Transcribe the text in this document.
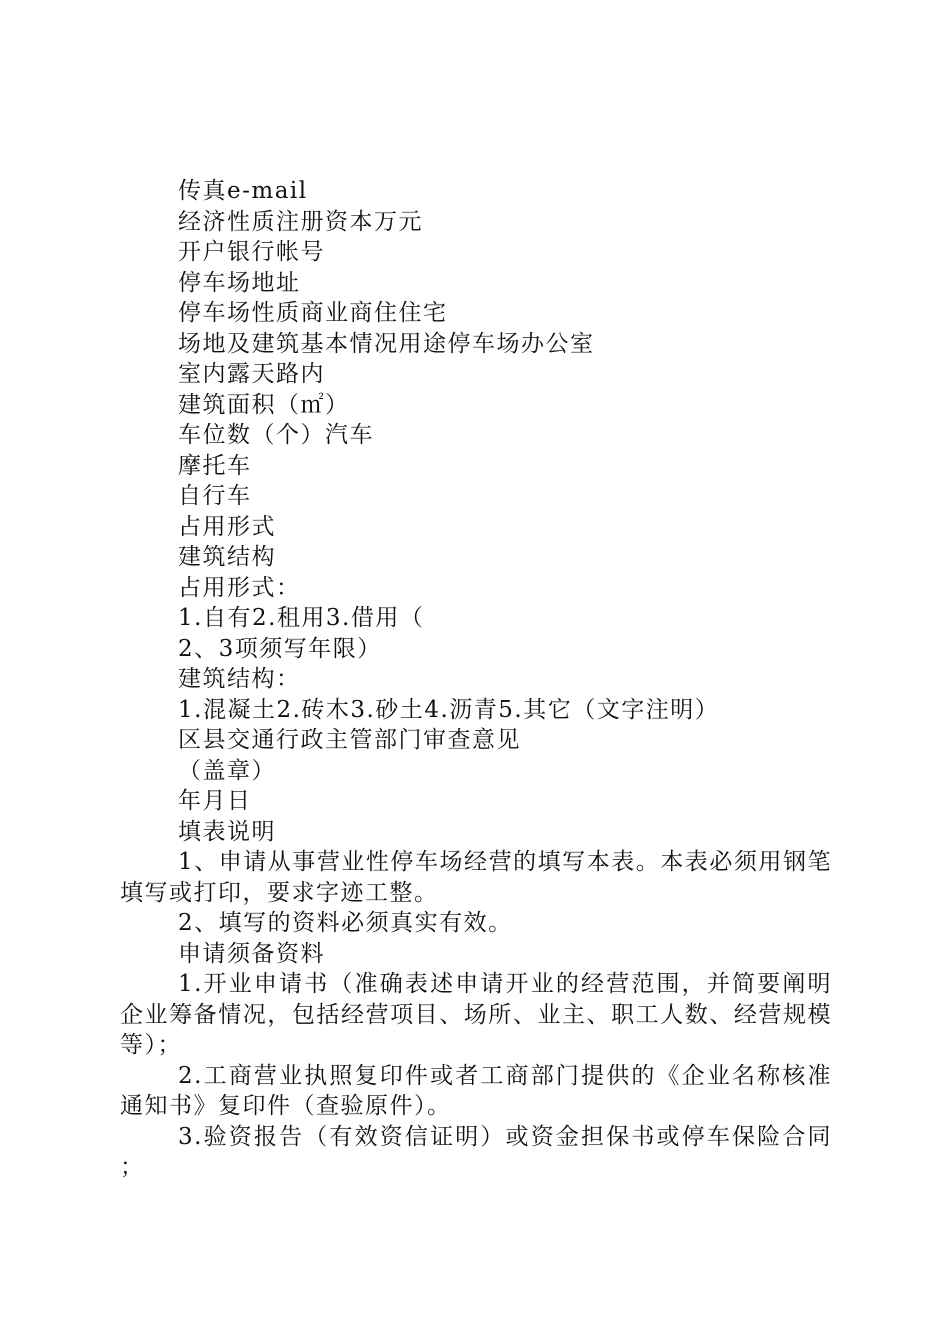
传真e-mail

经济性质注册资本万元

开户银行帐号

停车场地址

停车场性质商业商住住宅

场地及建筑基本情况用途停车场办公室

室内露天路内

建筑面积（㎡）

车位数（个）汽车

摩托车

自行车

占用形式

建筑结构

占用形式：

1.自有2.租用3.借用（

2、3项须写年限）

建筑结构：

1.混凝土2.砖木3.砂土4.沥青5.其它（文字注明）

区县交通行政主管部门审查意见

（盖章）

年月日

填表说明

1、申请从事营业性停车场经营的填写本表。本表必须用钢笔填写或打印，要求字迹工整。

2、填写的资料必须真实有效。

申请须备资料

1.开业申请书（准确表述申请开业的经营范围，并简要阐明企业筹备情况，包括经营项目、场所、业主、职工人数、经营规模等）；

2.工商营业执照复印件或者工商部门提供的《企业名称核准通知书》复印件（查验原件）。

3.验资报告（有效资信证明）或资金担保书或停车保险合同；
